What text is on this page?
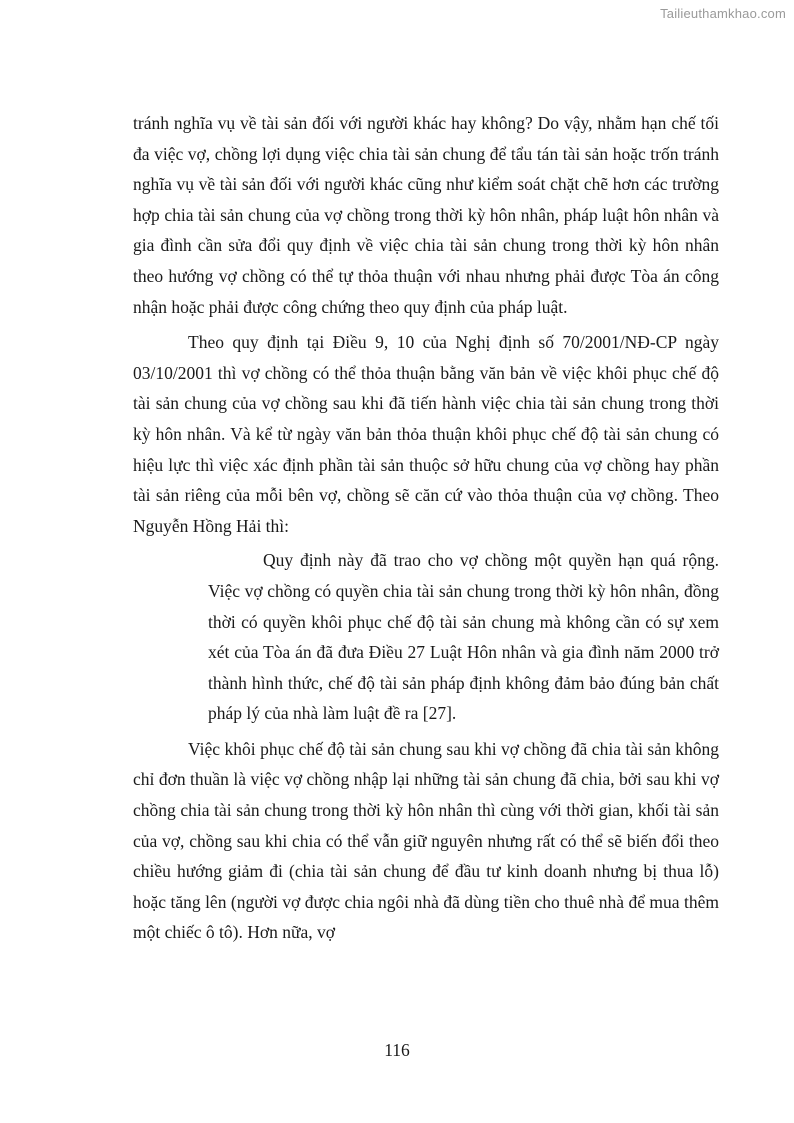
Tailieuthamkhao.com

tránh nghĩa vụ về tài sản đối với người khác hay không? Do vậy, nhằm hạn chế tối đa việc vợ, chồng lợi dụng việc chia tài sản chung để tẩu tán tài sản hoặc trốn tránh nghĩa vụ về tài sản đối với người khác cũng như kiểm soát chặt chẽ hơn các trường hợp chia tài sản chung của vợ chồng trong thời kỳ hôn nhân, pháp luật hôn nhân và gia đình cần sửa đổi quy định về việc chia tài sản chung trong thời kỳ hôn nhân theo hướng vợ chồng có thể tự thỏa thuận với nhau nhưng phải được Tòa án công nhận hoặc phải được công chứng theo quy định của pháp luật.

Theo quy định tại Điều 9, 10 của Nghị định số 70/2001/NĐ-CP ngày 03/10/2001 thì vợ chồng có thể thỏa thuận bằng văn bản về việc khôi phục chế độ tài sản chung của vợ chồng sau khi đã tiến hành việc chia tài sản chung trong thời kỳ hôn nhân. Và kể từ ngày văn bản thỏa thuận khôi phục chế độ tài sản chung có hiệu lực thì việc xác định phần tài sản thuộc sở hữu chung của vợ chồng hay phần tài sản riêng của mỗi bên vợ, chồng sẽ căn cứ vào thỏa thuận của vợ chồng. Theo Nguyễn Hồng Hải thì:

Quy định này đã trao cho vợ chồng một quyền hạn quá rộng. Việc vợ chồng có quyền chia tài sản chung trong thời kỳ hôn nhân, đồng thời có quyền khôi phục chế độ tài sản chung mà không cần có sự xem xét của Tòa án đã đưa Điều 27 Luật Hôn nhân và gia đình năm 2000 trở thành hình thức, chế độ tài sản pháp định không đảm bảo đúng bản chất pháp lý của nhà làm luật đề ra [27].

Việc khôi phục chế độ tài sản chung sau khi vợ chồng đã chia tài sản không chỉ đơn thuần là việc vợ chồng nhập lại những tài sản chung đã chia, bởi sau khi vợ chồng chia tài sản chung trong thời kỳ hôn nhân thì cùng với thời gian, khối tài sản của vợ, chồng sau khi chia có thể vẫn giữ nguyên nhưng rất có thể sẽ biến đổi theo chiều hướng giảm đi (chia tài sản chung để đầu tư kinh doanh nhưng bị thua lỗ) hoặc tăng lên (người vợ được chia ngôi nhà đã dùng tiền cho thuê nhà để mua thêm một chiếc ô tô). Hơn nữa, vợ

116
